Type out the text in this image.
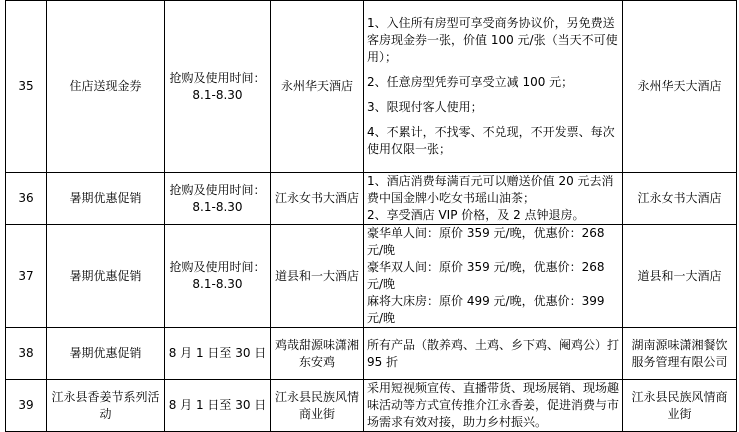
35	住店送现金券	抢购及使用时间：8.1-8.30	永州华天酒店	1、入住所有房型可享受商务协议价，另免费送客房现金券一张，价值 100 元/张（当天不可使用）；

2、任意房型凭券可享受立减 100 元；

3、限现付客人使用；

4、不累计，不找零、不兑现，不开发票、每次使用仅限一张；	永州华天大酒店
36	暑期优惠促销	抢购及使用时间：8.1-8.30	江永女书大酒店	1、酒店消费每满百元可以赠送价值 20 元去消费中国金牌小吃女书瑶山油茶；

2、享受酒店 VIP 价格，及 2 点钟退房。	江永女书大酒店
37	暑期优惠促销	抢购及使用时间：8.1-8.30	道县和一大酒店	豪华单人间：原价 359 元/晚，优惠价：268 元/晚

豪华双人间：原价 359 元/晚，优惠价：268 元/晚

麻将大床房：原价 499 元/晚，优惠价：399 元/晚	道县和一大酒店
38	暑期优惠促销	8 月 1 日至 30 日	鸡哉甜源味潇湘东安鸡	所有产品（散养鸡、土鸡、乡下鸡、阉鸡公）打 95 折	湖南源味潇湘餐饮服务管理有限公司
39	江永县香姜节系列活动	8 月 1 日至 30 日	江永县民族风情商业街	采用短视频宣传、直播带货、现场展销、现场趣味活动等方式宣传推介江永香姜，促进消费与市场需求有效对接，助力乡村振兴。	江永县民族风情商业街
